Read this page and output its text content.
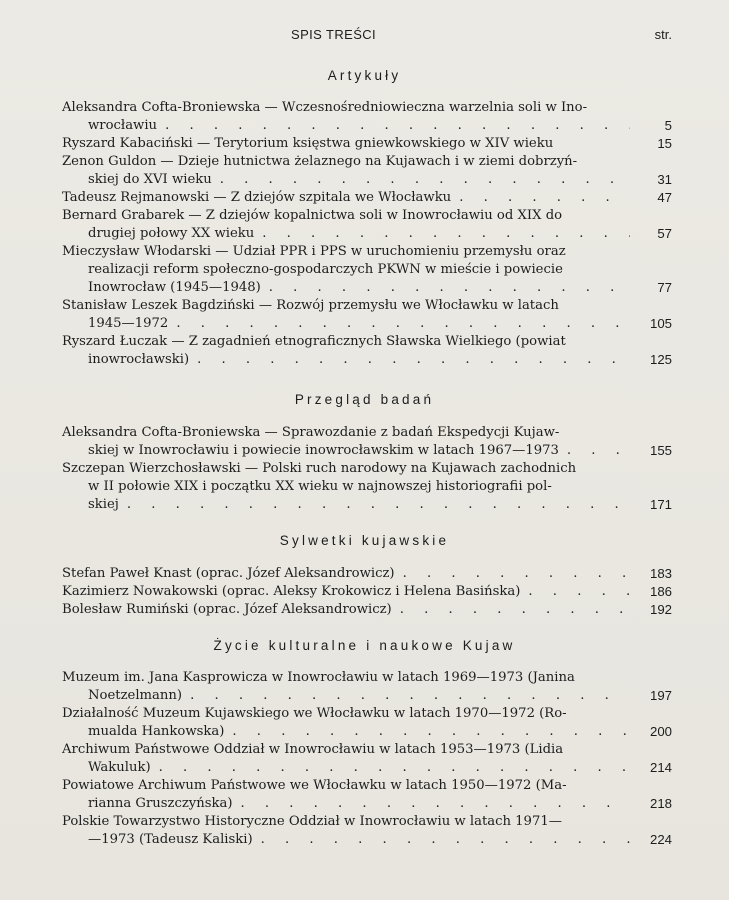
SPIS TREŚCI	str.
Artykuły
Aleksandra Cofta-Broniewska — Wczesnośredniowieczna warzelnia soli w Ino-
wrocławiu . . .	5
Ryszard Kabaciński — Terytorium księstwa gniewkowskiego w XIV wieku	15
Zenon Guldon — Dzieje hutnictwa żelaznego na Kujawach i w ziemi dobrzyń-
skiej do XVI wieku . . .	31
Tadeusz Rejmanowski — Z dziejów szpitala we Włocławku . . .	47
Bernard Grabarek — Z dziejów kopalnictwa soli w Inowrocławiu od XIX do
drugiej połowy XX wieku . . .	57
Mieczysław Włodarski — Udział PPR i PPS w uruchomieniu przemysłu oraz
realizacji reform społeczno-gospodarczych PKWN w mieście i powiecie
Inowrocław (1945—1948) . . .	77
Stanisław Leszek Bagdziński — Rozwój przemysłu we Włocławku w latach
1945—1972 . . .	105
Ryszard Łuczak — Z zagadnień etnograficznych Sławska Wielkiego (powiat
inowrocławski) . . .	125
Przegląd badań
Aleksandra Cofta-Broniewska — Sprawozdanie z badań Ekspedycji Kujaw-
skiej w Inowrocławiu i powiecie inowrocławskim w latach 1967—1973 . . .	155
Szczepan Wierzchosławski — Polski ruch narodowy na Kujawach zachodnich
w II połowie XIX i początku XX wieku w najnowszej historiografii pol-
skiej . . .	171
Sylwetki kujawskie
Stefan Paweł Knast (oprac. Józef Aleksandrowicz) . . .	183
Kazimierz Nowakowski (oprac. Aleksy Krokowicz i Helena Basińska) . . .	186
Bolesław Rumiński (oprac. Józef Aleksandrowicz) . . .	192
Życie kulturalne i naukowe Kujaw
Muzeum im. Jana Kasprowicza w Inowrocławiu w latach 1969—1973 (Janina
Noetzelmann) . . .	197
Działalność Muzeum Kujawskiego we Włocławku w latach 1970—1972 (Ro-
mualda Hankowska) . . .	200
Archiwum Państwowe Oddział w Inowrocławiu w latach 1953—1973 (Lidia
Wakuluk) . . .	214
Powiatowe Archiwum Państwowe we Włocławku w latach 1950—1972 (Ma-
rianna Gruszczyńska) . . .	218
Polskie Towarzystwo Historyczne Oddział w Inowrocławiu w latach 1971—
—1973 (Tadeusz Kaliski) . . .	224
